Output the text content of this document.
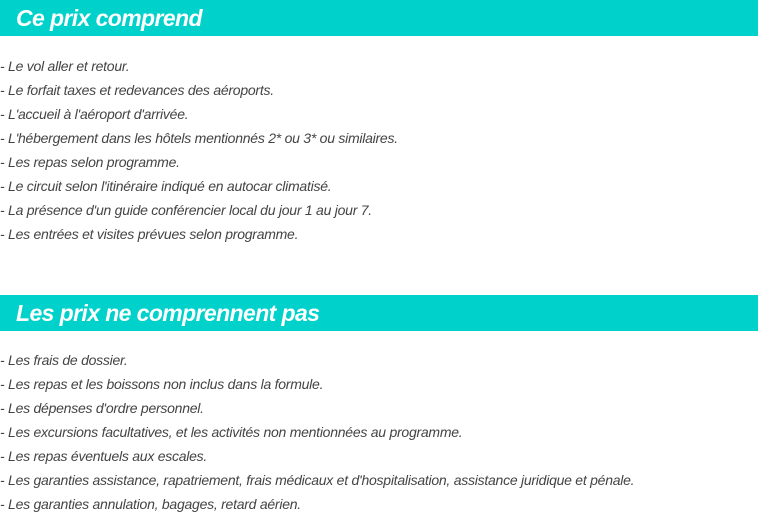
Ce prix comprend
- Le vol aller et retour.
- Le forfait taxes et redevances des aéroports.
- L'accueil à l'aéroport d'arrivée.
- L'hébergement dans les hôtels mentionnés 2* ou 3* ou similaires.
- Les repas selon programme.
- Le circuit selon l'itinéraire indiqué en autocar climatisé.
- La présence d'un guide conférencier local du jour 1 au jour 7.
- Les entrées et visites prévues selon programme.
Les prix ne comprennent pas
- Les frais de dossier.
- Les repas et les boissons non inclus dans la formule.
- Les dépenses d'ordre personnel.
- Les excursions facultatives, et les activités non mentionnées au programme.
- Les repas éventuels aux escales.
- Les garanties assistance, rapatriement, frais médicaux et d'hospitalisation, assistance juridique et pénale.
- Les garanties annulation, bagages, retard aérien.
